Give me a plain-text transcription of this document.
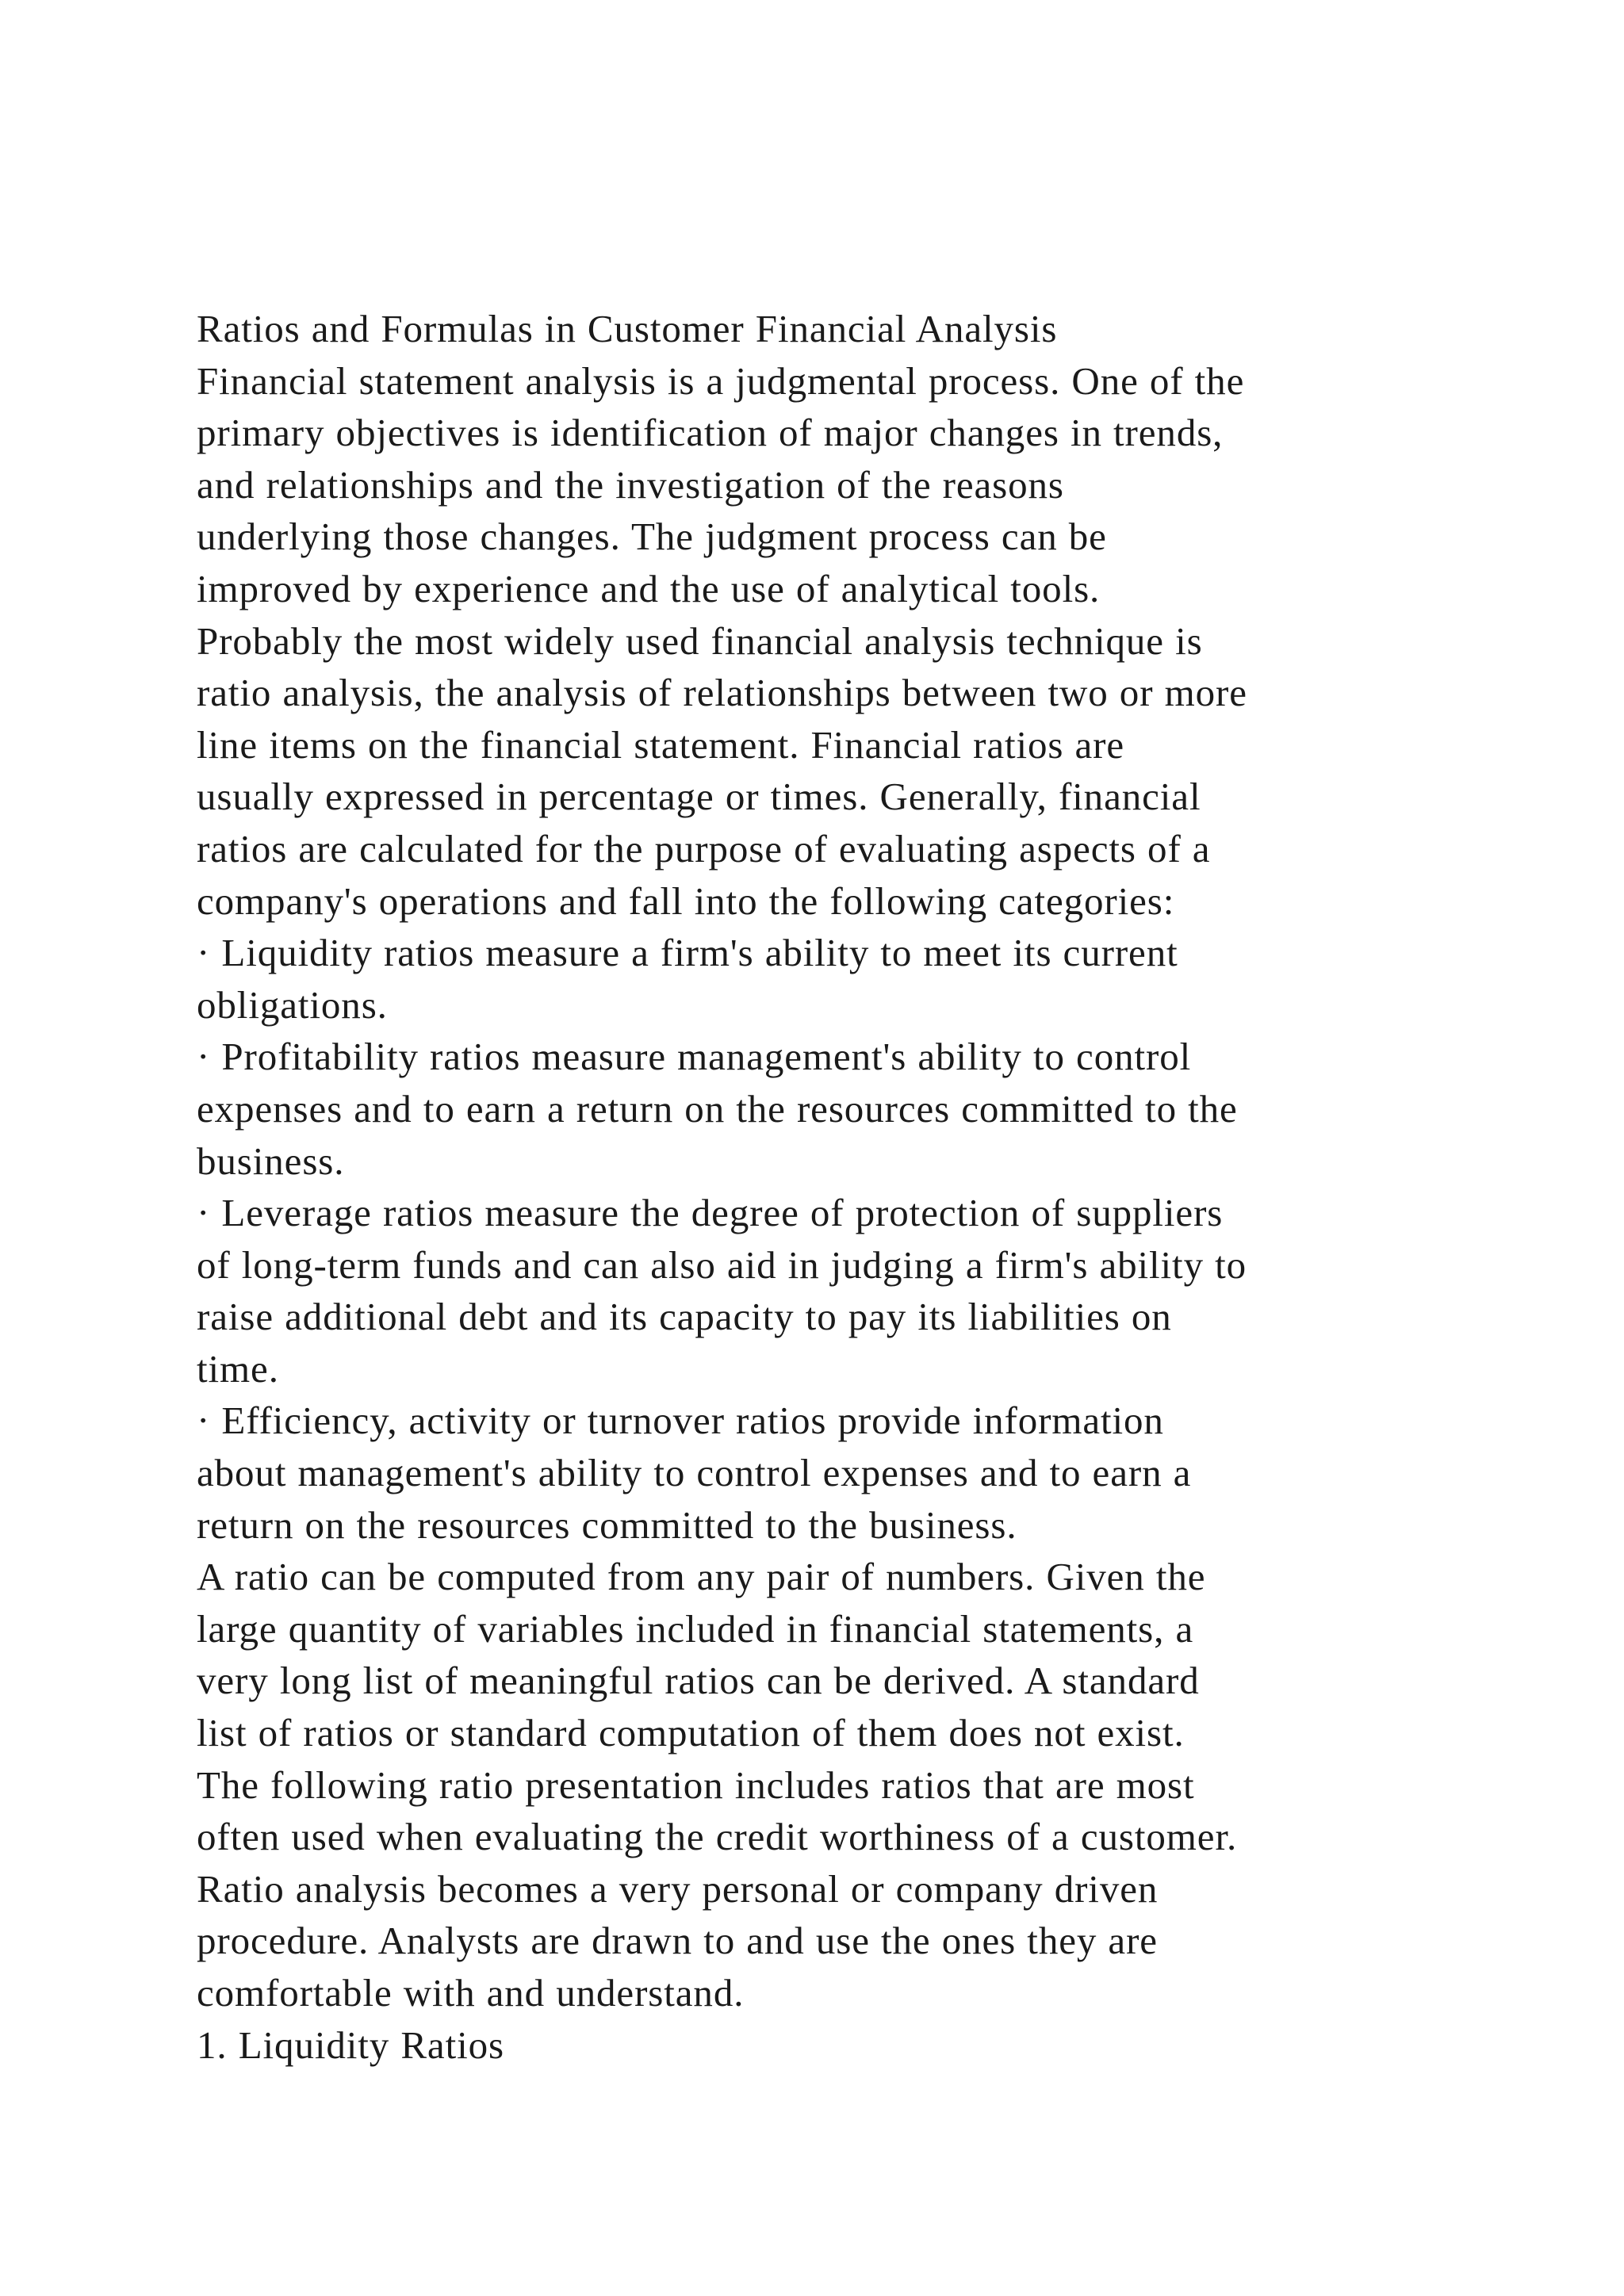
Ratios and Formulas in Customer Financial Analysis
Financial statement analysis is a judgmental process. One of the
primary objectives is identification of major changes in trends,
and relationships and the investigation of the reasons
underlying those changes. The judgment process can be
improved by experience and the use of analytical tools.
Probably the most widely used financial analysis technique is
ratio analysis, the analysis of relationships between two or more
line items on the financial statement. Financial ratios are
usually expressed in percentage or times. Generally, financial
ratios are calculated for the purpose of evaluating aspects of a
company's operations and fall into the following categories:
· Liquidity ratios measure a firm's ability to meet its current
obligations.
· Profitability ratios measure management's ability to control
expenses and to earn a return on the resources committed to the
business.
· Leverage ratios measure the degree of protection of suppliers
of long-term funds and can also aid in judging a firm's ability to
raise additional debt and its capacity to pay its liabilities on
time.
· Efficiency, activity or turnover ratios provide information
about management's ability to control expenses and to earn a
return on the resources committed to the business.
A ratio can be computed from any pair of numbers. Given the
large quantity of variables included in financial statements, a
very long list of meaningful ratios can be derived. A standard
list of ratios or standard computation of them does not exist.
The following ratio presentation includes ratios that are most
often used when evaluating the credit worthiness of a customer.
Ratio analysis becomes a very personal or company driven
procedure. Analysts are drawn to and use the ones they are
comfortable with and understand.
1. Liquidity Ratios
